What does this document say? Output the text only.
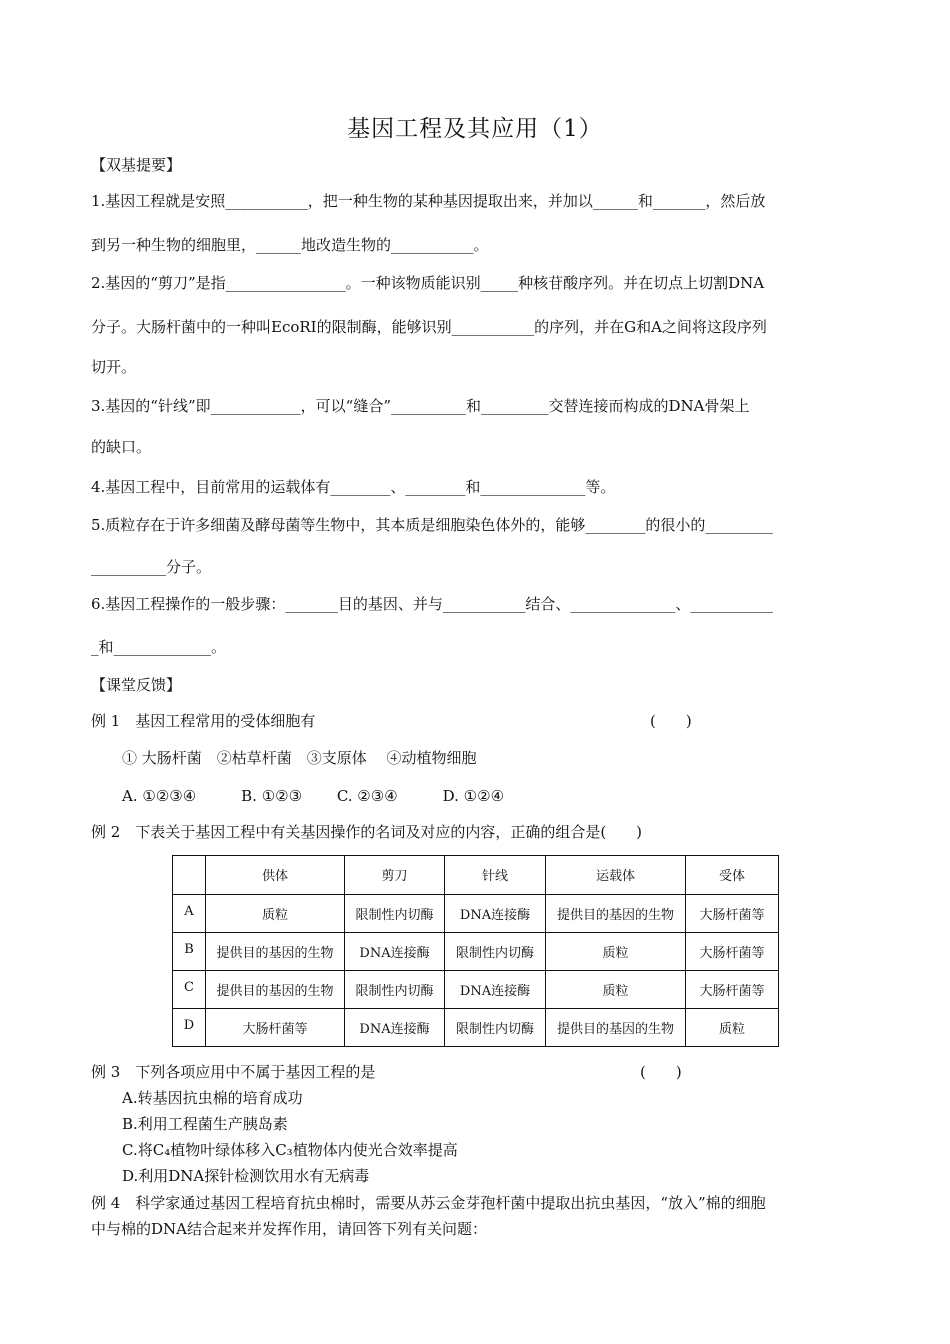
基因工程及其应用（1）
【双基提要】
1.基因工程就是安照___________，把一种生物的某种基因提取出来，并加以______和_______，然后放
到另一种生物的细胞里，______地改造生物的___________。
2.基因的“剪刀”是指________________。一种该物质能识别_____种核苷酸序列。并在切点上切割DNA
分子。大肠杆菌中的一种叫EcoRI的限制酶，能够识别___________的序列，并在G和A之间将这段序列
切开。
3.基因的“针线”即____________，可以“缝合”__________和_________交替连接而构成的DNA骨架上
的缺口。
4.基因工程中，目前常用的运载体有________、________和______________等。
5.质粒存在于许多细菌及酵母菌等生物中，其本质是细胞染色体外的，能够________的很小的_________
__________分子。
6.基因工程操作的一般步骤：_______目的基因、并与___________结合、______________、___________
_和_____________。
【课堂反馈】
例 1　基因工程常用的受体细胞有	(　　)
① 大肠杆菌　②枯草杆菌　③支原体　 ④动植物细胞
A. ①②③④　　　B. ①②③　　 C. ②③④　　　D. ①②④
例 2　下表关于基因工程中有关基因操作的名词及对应的内容，正确的组合是(　　)
	供体	剪刀	针线	运载体	受体
A	质粒	限制性内切酶	DNA连接酶	提供目的基因的生物	大肠杆菌等
B	提供目的基因的生物	DNA连接酶	限制性内切酶	质粒	大肠杆菌等
C	提供目的基因的生物	限制性内切酶	DNA连接酶	质粒	大肠杆菌等
D	大肠杆菌等	DNA连接酶	限制性内切酶	提供目的基因的生物	质粒
例 3　下列各项应用中不属于基因工程的是	(　　)
A.转基因抗虫棉的培育成功
B.利用工程菌生产胰岛素
C.将C₄植物叶绿体移入C₃植物体内使光合效率提高
D.利用DNA探针检测饮用水有无病毒
例 4　科学家通过基因工程培育抗虫棉时，需要从苏云金芽孢杆菌中提取出抗虫基因，“放入”棉的细胞
中与棉的DNA结合起来并发挥作用，请回答下列有关问题：
